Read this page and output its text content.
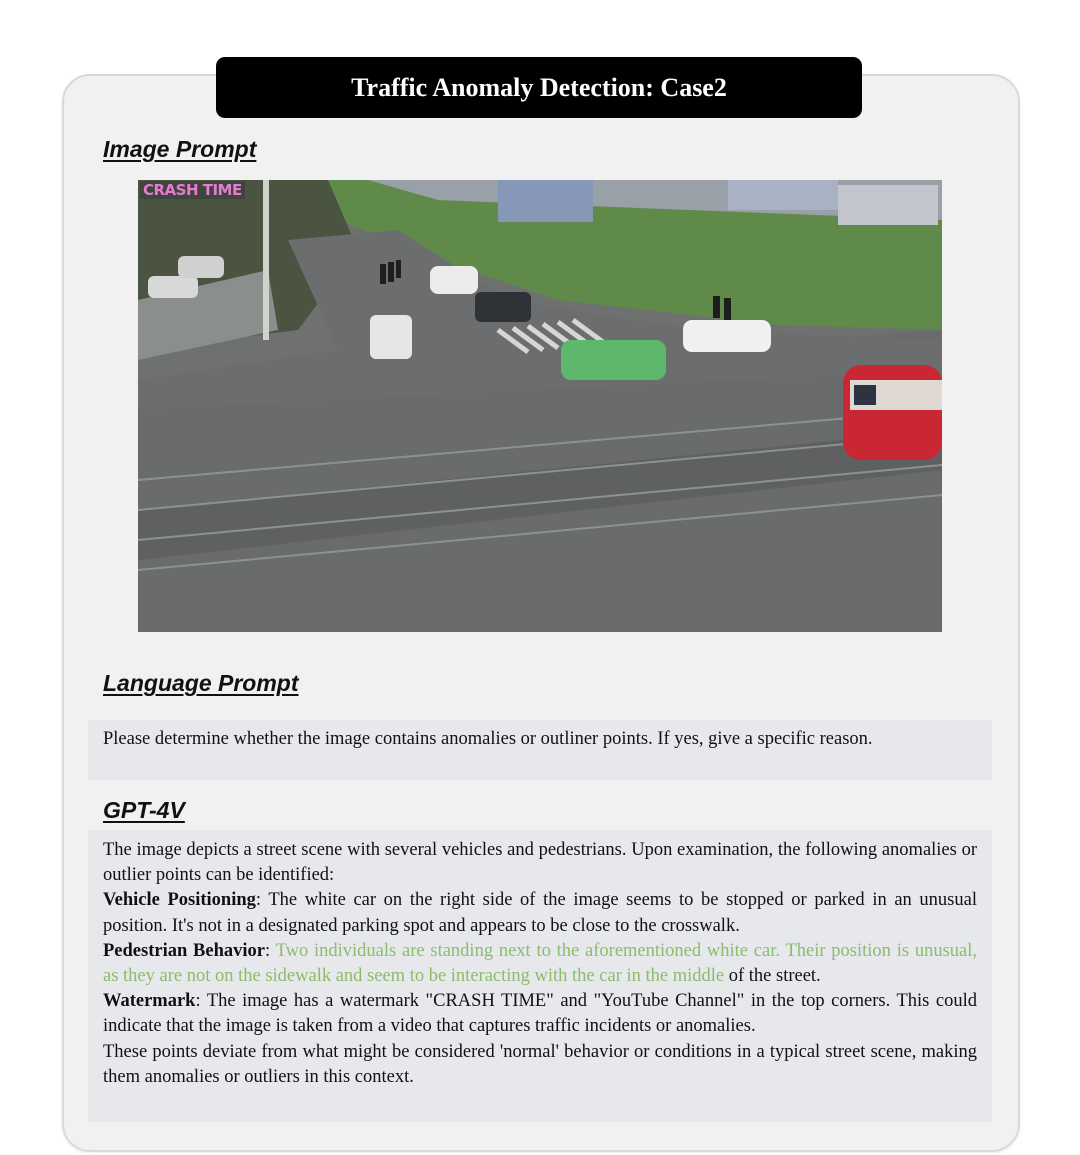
Traffic Anomaly Detection: Case2
Image Prompt
CRASH TIME
Language Prompt
Please determine whether the image contains anomalies or outliner points. If yes, give a specific reason.
GPT-4V

The image depicts a street scene with several vehicles and pedestrians. Upon examination, the following anomalies or outlier points can be identified:

Vehicle Positioning: The white car on the right side of the image seems to be stopped or parked in an unusual position. It's not in a designated parking spot and appears to be close to the crosswalk.

Pedestrian Behavior: Two individuals are standing next to the aforementioned white car. Their position is unusual, as they are not on the sidewalk and seem to be interacting with the car in the middle of the street.

Watermark: The image has a watermark "CRASH TIME" and "YouTube Channel" in the top corners. This could indicate that the image is taken from a video that captures traffic incidents or anomalies.

These points deviate from what might be considered 'normal' behavior or conditions in a typical street scene, making them anomalies or outliers in this context.
